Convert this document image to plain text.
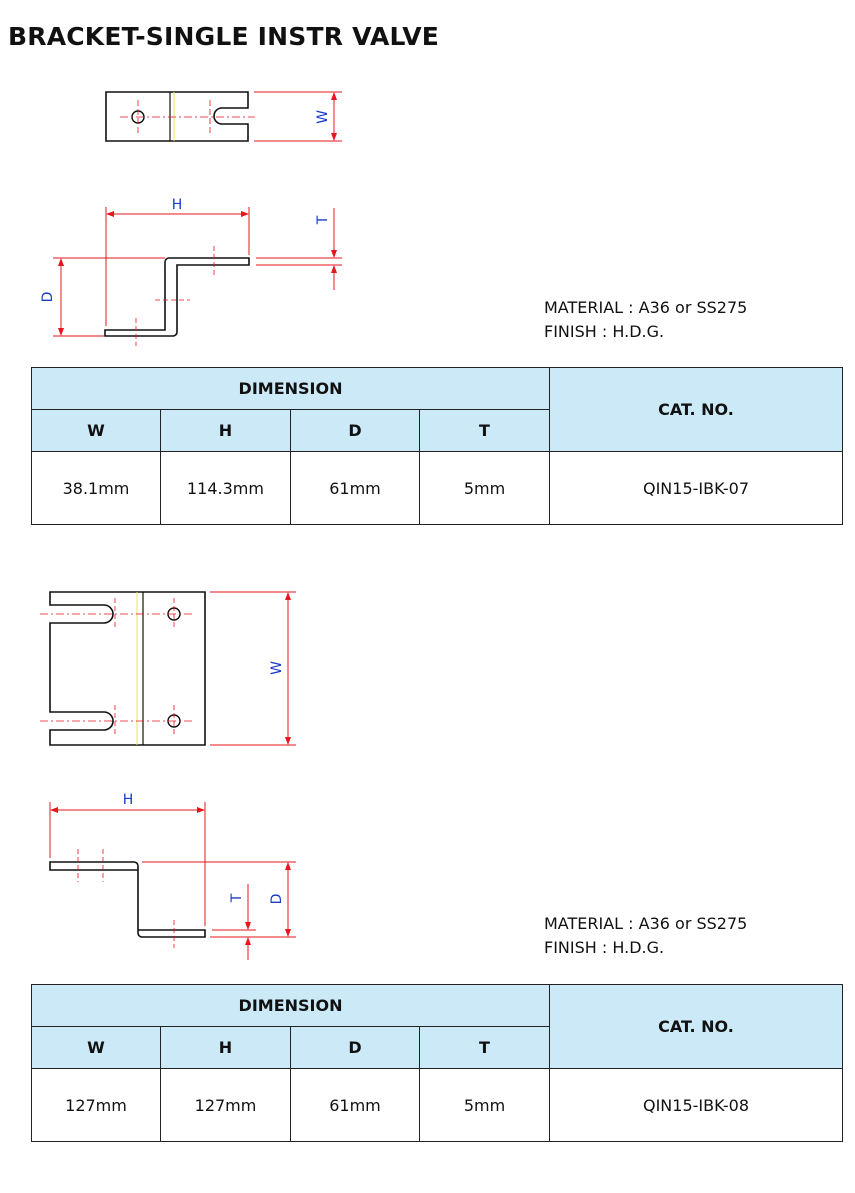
BRACKET-SINGLE INSTR VALVE
W
H
D
T
W
H
D
T
MATERIAL : A36 or SS275
FINISH : H.D.G.
MATERIAL : A36 or SS275
FINISH : H.D.G.
DIMENSION				CAT. NO.
W	H	D	T	
38.1mm	114.3mm	61mm	5mm	QIN15-IBK-07
DIMENSION				CAT. NO.
W	H	D	T	
127mm	127mm	61mm	5mm	QIN15-IBK-08
